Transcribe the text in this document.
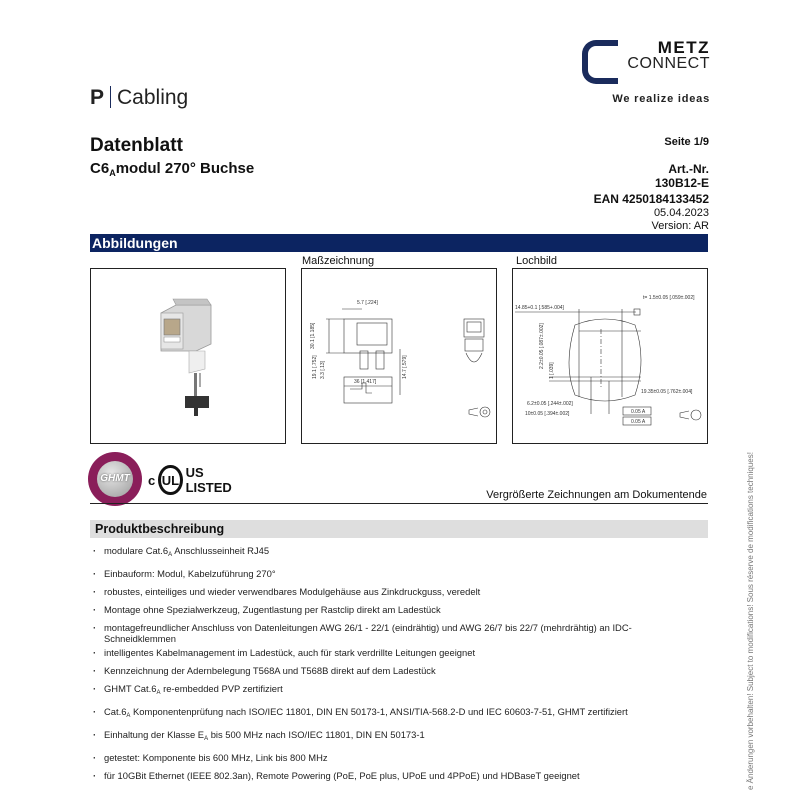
METZ
CONNECT
We realize ideas
P Cabling
Datenblatt
$C6_Amodul$ 270° Buchse
Seite 1/9
Art.-Nr.
130B12-E
EAN 4250184133452
05.04.2023
Version: AR
Abbildungen
Maßzeichnung	Lochbild
5.7 [.224]
36 [1.417]
30.1 [1.185]
19.1 [.752] 3.3 [.13]	14.7 [.579]
14.85+0.1 [.585+.004]
t= 1.5±0.05 [.059±.002]
19.35±0.05 [.762±.004]
6.2±0.05 [.244±.002]
10±0.05 [.394±.002]	0.05 A
0.05 A
2.2±0.05 [.087±.002]
1 [.039]
GHMT c UL US LISTED	Vergrößerte Zeichnungen am Dokumentende
Produktbeschreibung
· modulare $Cat.6_A$ Anschlusseinheit RJ45
· Einbauform: Modul, Kabelzuführung 270°
· robustes, einteiliges und wieder verwendbares Modulgehäuse aus Zinkdruckguss, veredelt
· Montage ohne Spezialwerkzeug, Zugentlastung per Rastclip direkt am Ladestück
· montagefreundlicher Anschluss von Datenleitungen AWG 26/1 - 22/1 (eindrähtig) und AWG 26/7 bis 22/7 (mehrdrähtig) an IDC-Schneidklemmen
· intelligentes Kabelmanagement im Ladestück, auch für stark verdrillte Leitungen geeignet
· Kennzeichnung der Adernbelegung T568A und T568B direkt auf dem Ladestück
· GHMT $Cat.6_A$ re-embedded PVP zertifiziert
· $Cat.6_A$ Komponentenprüfung nach ISO/IEC 11801, DIN EN 50173-1, ANSI/TIA-568.2-D und IEC 60603-7-51, GHMT zertifiziert
· Einhaltung der Klasse $E_A$ bis 500 MHz nach ISO/IEC 11801, DIN EN 50173-1
· getestet: Komponente bis 600 MHz, Link bis 800 MHz
· für 10GBit Ethernet (IEEE 802.3an), Remote Powering (PoE, PoE plus, UPoE und 4PPoE) und HDBaseT geeignet	e Änderungen vorbehalten! Subject to modifications! Sous réserve de modifications techniques!
